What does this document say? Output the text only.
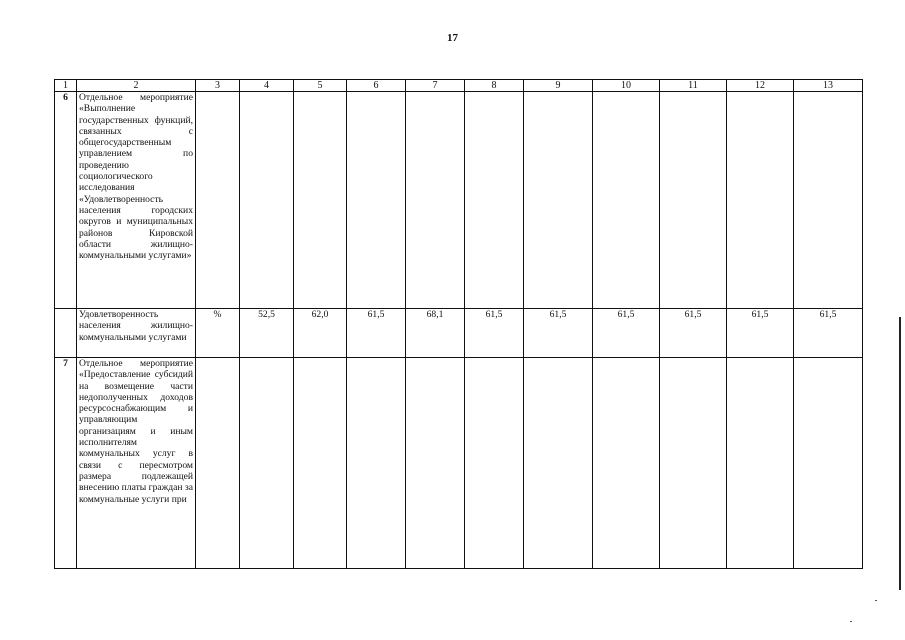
17
1	2	3	4	5	6	7	8	9	10	11	12	13
6	Отдельное мероприятие «Выполнение государственных функций, связанных с общегосударственным управлением по проведению социологического исследования «Удовлетворенность населения городских округов и муниципальных районов Кировской области жилищно-коммунальными услугами»											
	Удовлетворенность населения жилищно-коммунальными услугами	%	52,5	62,0	61,5	68,1	61,5	61,5	61,5	61,5	61,5	61,5
7	Отдельное мероприятие «Предоставление субсидий на возмещение части недополученных доходов ресурсоснабжающим и управляющим организациям и иным исполнителям коммунальных услуг в связи с пересмотром размера подлежащей внесению платы граждан за коммунальные услуги при											
